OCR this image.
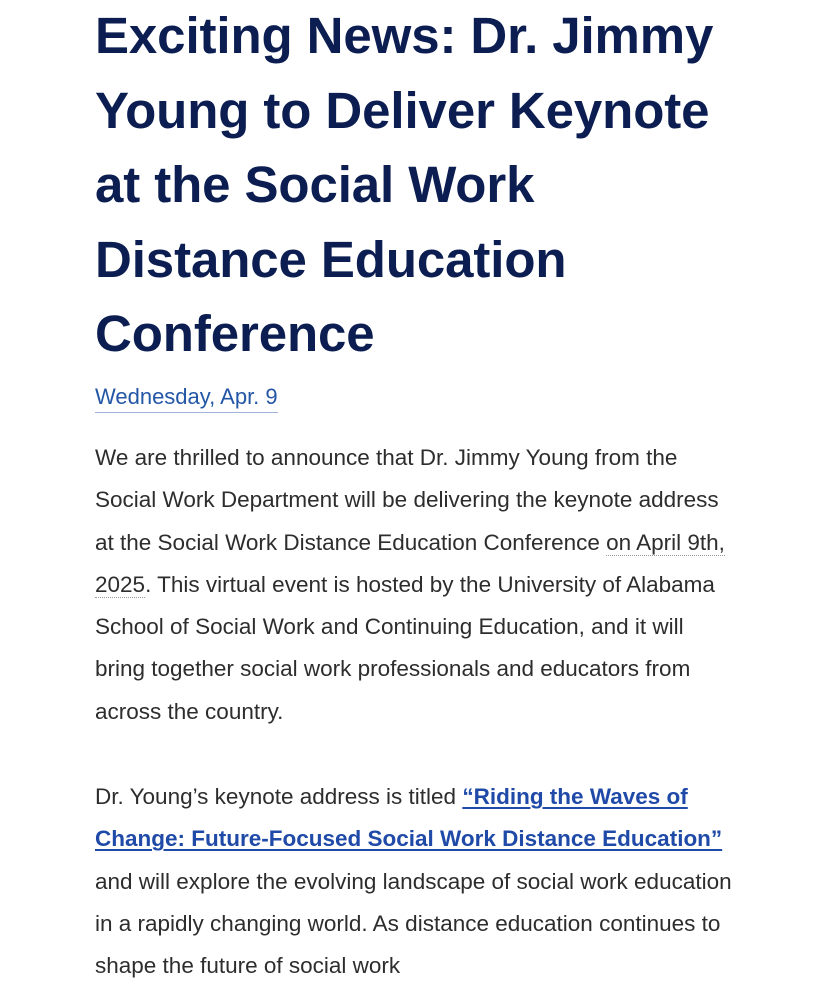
Exciting News: Dr. Jimmy Young to Deliver Keynote at the Social Work Distance Education Conference
Wednesday, Apr. 9

We are thrilled to announce that Dr. Jimmy Young from the Social Work Department will be delivering the keynote address at the Social Work Distance Education Conference on April 9th, 2025. This virtual event is hosted by the University of Alabama School of Social Work and Continuing Education, and it will bring together social work professionals and educators from across the country.

Dr. Young’s keynote address is titled “Riding the Waves of Change: Future-Focused Social Work Distance Education” and will explore the evolving landscape of social work education in a rapidly changing world. As distance education continues to shape the future of social work
